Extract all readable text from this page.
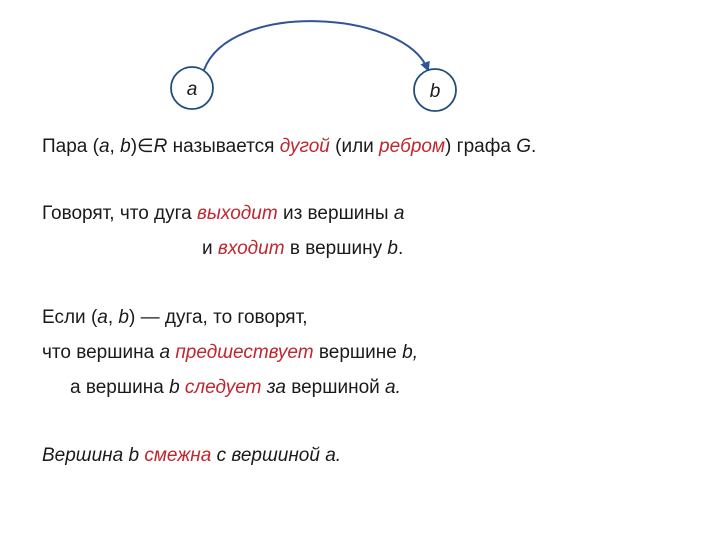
a	b
Пара (a, b)∈R называется дугой (или ребром) графа G.
Говорят, что дуга выходит из вершины a
и входит в вершину b.
Если (a, b) — дуга, то говорят,
что вершина a предшествует вершине b,
а вершина b следует за вершиной a.
Вершина b смежна с вершиной a.
